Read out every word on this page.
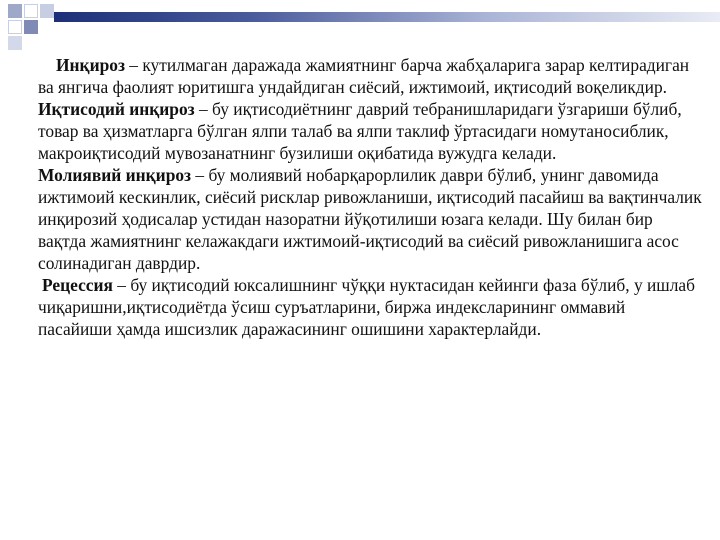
Инқироз – кутилмаган даражада жамиятнинг барча жабҳаларига зарар келтирадиган ва янгича фаолият юритишга ундайдиган сиёсий, ижтимоий, иқтисодий воқеликдир.

Иқтисодий инқироз – бу иқтисодиётнинг даврий тебранишларидаги ўзгариши бўлиб, товар ва ҳизматларга бўлган ялпи талаб ва ялпи таклиф ўртасидаги номутаносиблик, макроиқтисодий мувозанатнинг бузилиши оқибатида вужудга келади.

Молиявий инқироз – бу молиявий нобарқарорлилик даври бўлиб, унинг давомида ижтимоий кескинлик, сиёсий рисклар ривожланиши, иқтисодий пасайиш ва вақтинчалик инқирозий ҳодисалар устидан назоратни йўқотилиши юзага келади. Шу билан бир вақтда жамиятнинг келажакдаги ижтимоий-иқтисодий ва сиёсий ривожланишига асос солинадиган даврдир.

Рецессия – бу иқтисодий юксалишнинг чўққи нуктасидан кейинги фаза бўлиб, у ишлаб чиқаришни,иқтисодиётда ўсиш суръатларини, биржа индексларининг оммавий пасайиши ҳамда ишсизлик даражасининг ошишини характерлайди.
